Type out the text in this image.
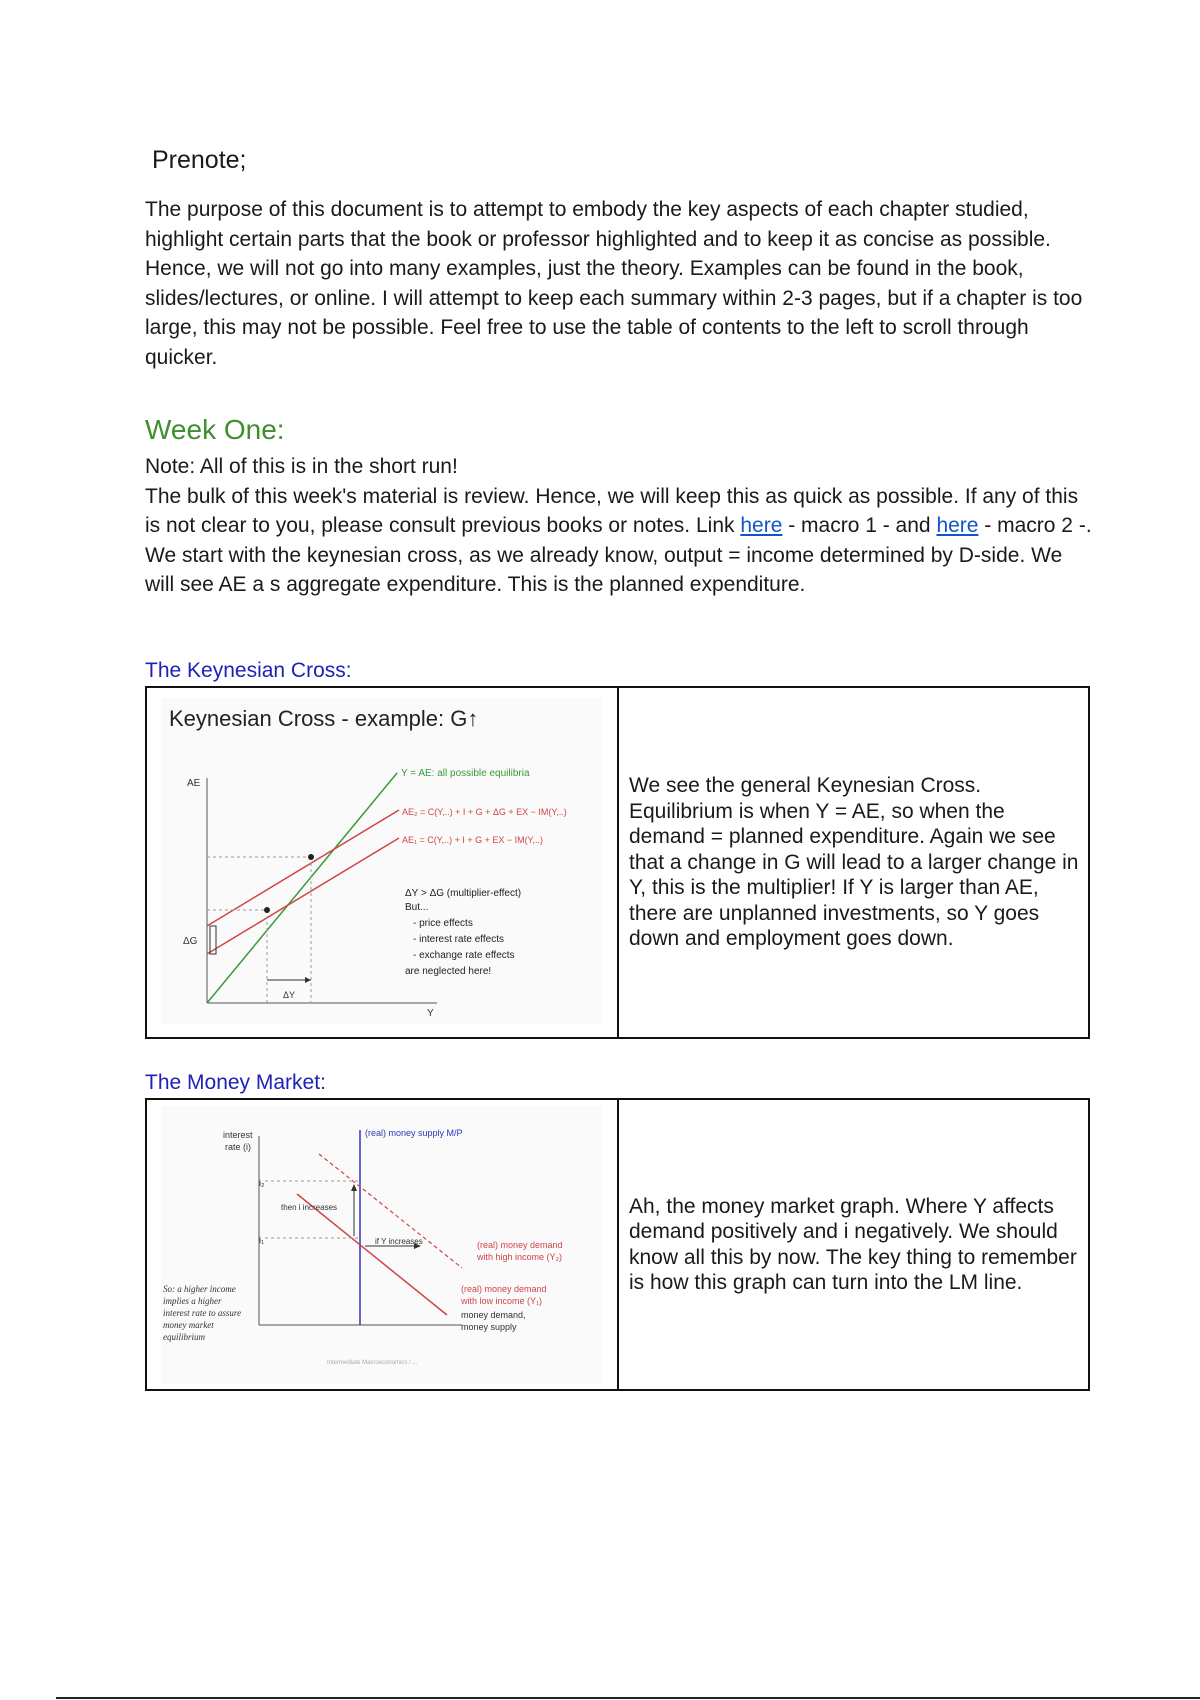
Prenote;

The purpose of this document is to attempt to embody the key aspects of each chapter studied, highlight certain parts that the book or professor highlighted and to keep it as concise as possible. Hence, we will not go into many examples, just the theory. Examples can be found in the book, slides/lectures, or online. I will attempt to keep each summary within 2-3 pages, but if a chapter is too large, this may not be possible. Feel free to use the table of contents to the left to scroll through quicker.

Week One:

Note: All of this is in the short run!

The bulk of this week's material is review. Hence, we will keep this as quick as possible. If any of this is not clear to you, please consult previous books or notes. Link here - macro 1 - and here - macro 2 -. We start with the keynesian cross, as we already know, output = income determined by D-side. We will see AE a s aggregate expenditure. This is the planned expenditure.

The Keynesian Cross:
Keynesian Cross - example: G↑
AE
Y
Y = AE: all possible equilibria
AE₂ = C(Y,..) + I + G + ΔG + EX − IM(Y,..)
AE₁ = C(Y,..) + I + G + EX − IM(Y,..)
ΔG
ΔY
ΔY > ΔG (multiplier-effect)
But...
- price effects
- interest rate effects
- exchange rate effects
are neglected here!
	We see the general Keynesian Cross. Equilibrium is when Y = AE, so when the demand = planned expenditure. Again we see that a change in G will lead to a larger change in Y, this is the multiplier! If Y is larger than AE, there are unplanned investments, so Y goes down and employment goes down.
The Money Market:
interest
rate (i)
i₂
i₁
(real) money supply M/P
then i increases
if Y increases	(real) money demand
with high income (Y₂)
(real) money demand
with low income (Y₁)
money demand,
money supply
So: a higher income
implies a higher
interest rate to assure
money market
equilibrium
Intermediate Macroeconomics / ...
	Ah, the money market graph. Where Y affects demand positively and i negatively. We should know all this by now. The key thing to remember is how this graph can turn into the LM line.
